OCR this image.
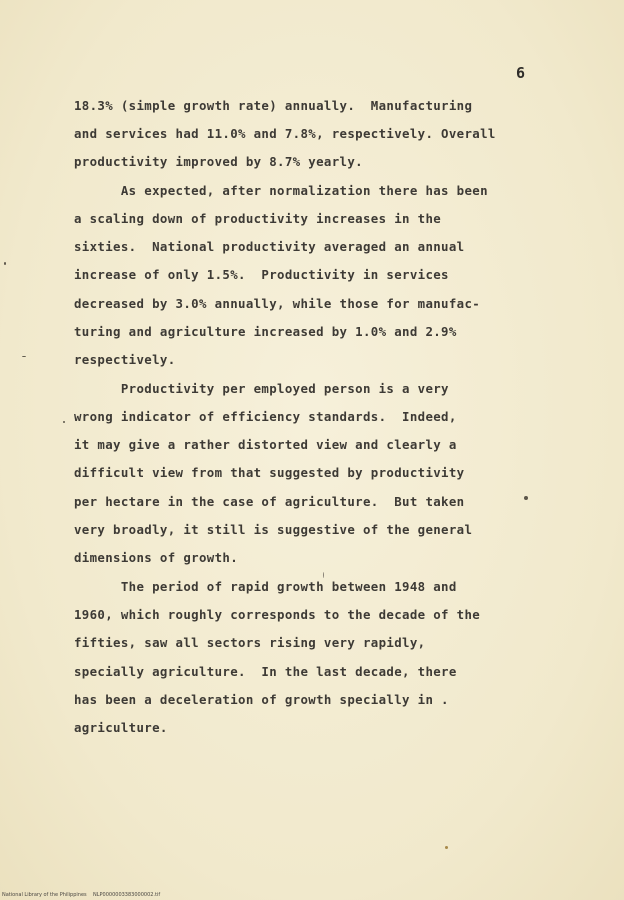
6
18.3% (simple growth rate) annually.  Manufacturing
and services had 11.0% and 7.8%, respectively. Overall
productivity improved by 8.7% yearly.
As expected, after normalization there has been
a scaling down of productivity increases in the
sixties.  National productivity averaged an annual
increase of only 1.5%.  Productivity in services
decreased by 3.0% annually, while those for manufac-
turing and agriculture increased by 1.0% and 2.9%
respectively.
Productivity per employed person is a very
wrong indicator of efficiency standards.  Indeed,
it may give a rather distorted view and clearly a
difficult view from that suggested by productivity
per hectare in the case of agriculture.  But taken
very broadly, it still is suggestive of the general
dimensions of growth.
The period of rapid growth between 1948 and
1960, which roughly corresponds to the decade of the
fifties, saw all sectors rising very rapidly,
specially agriculture.  In the last decade, there
has been a deceleration of growth specially in .
agriculture.
National Library of the Philippines    NLP0000003383000002.tif
